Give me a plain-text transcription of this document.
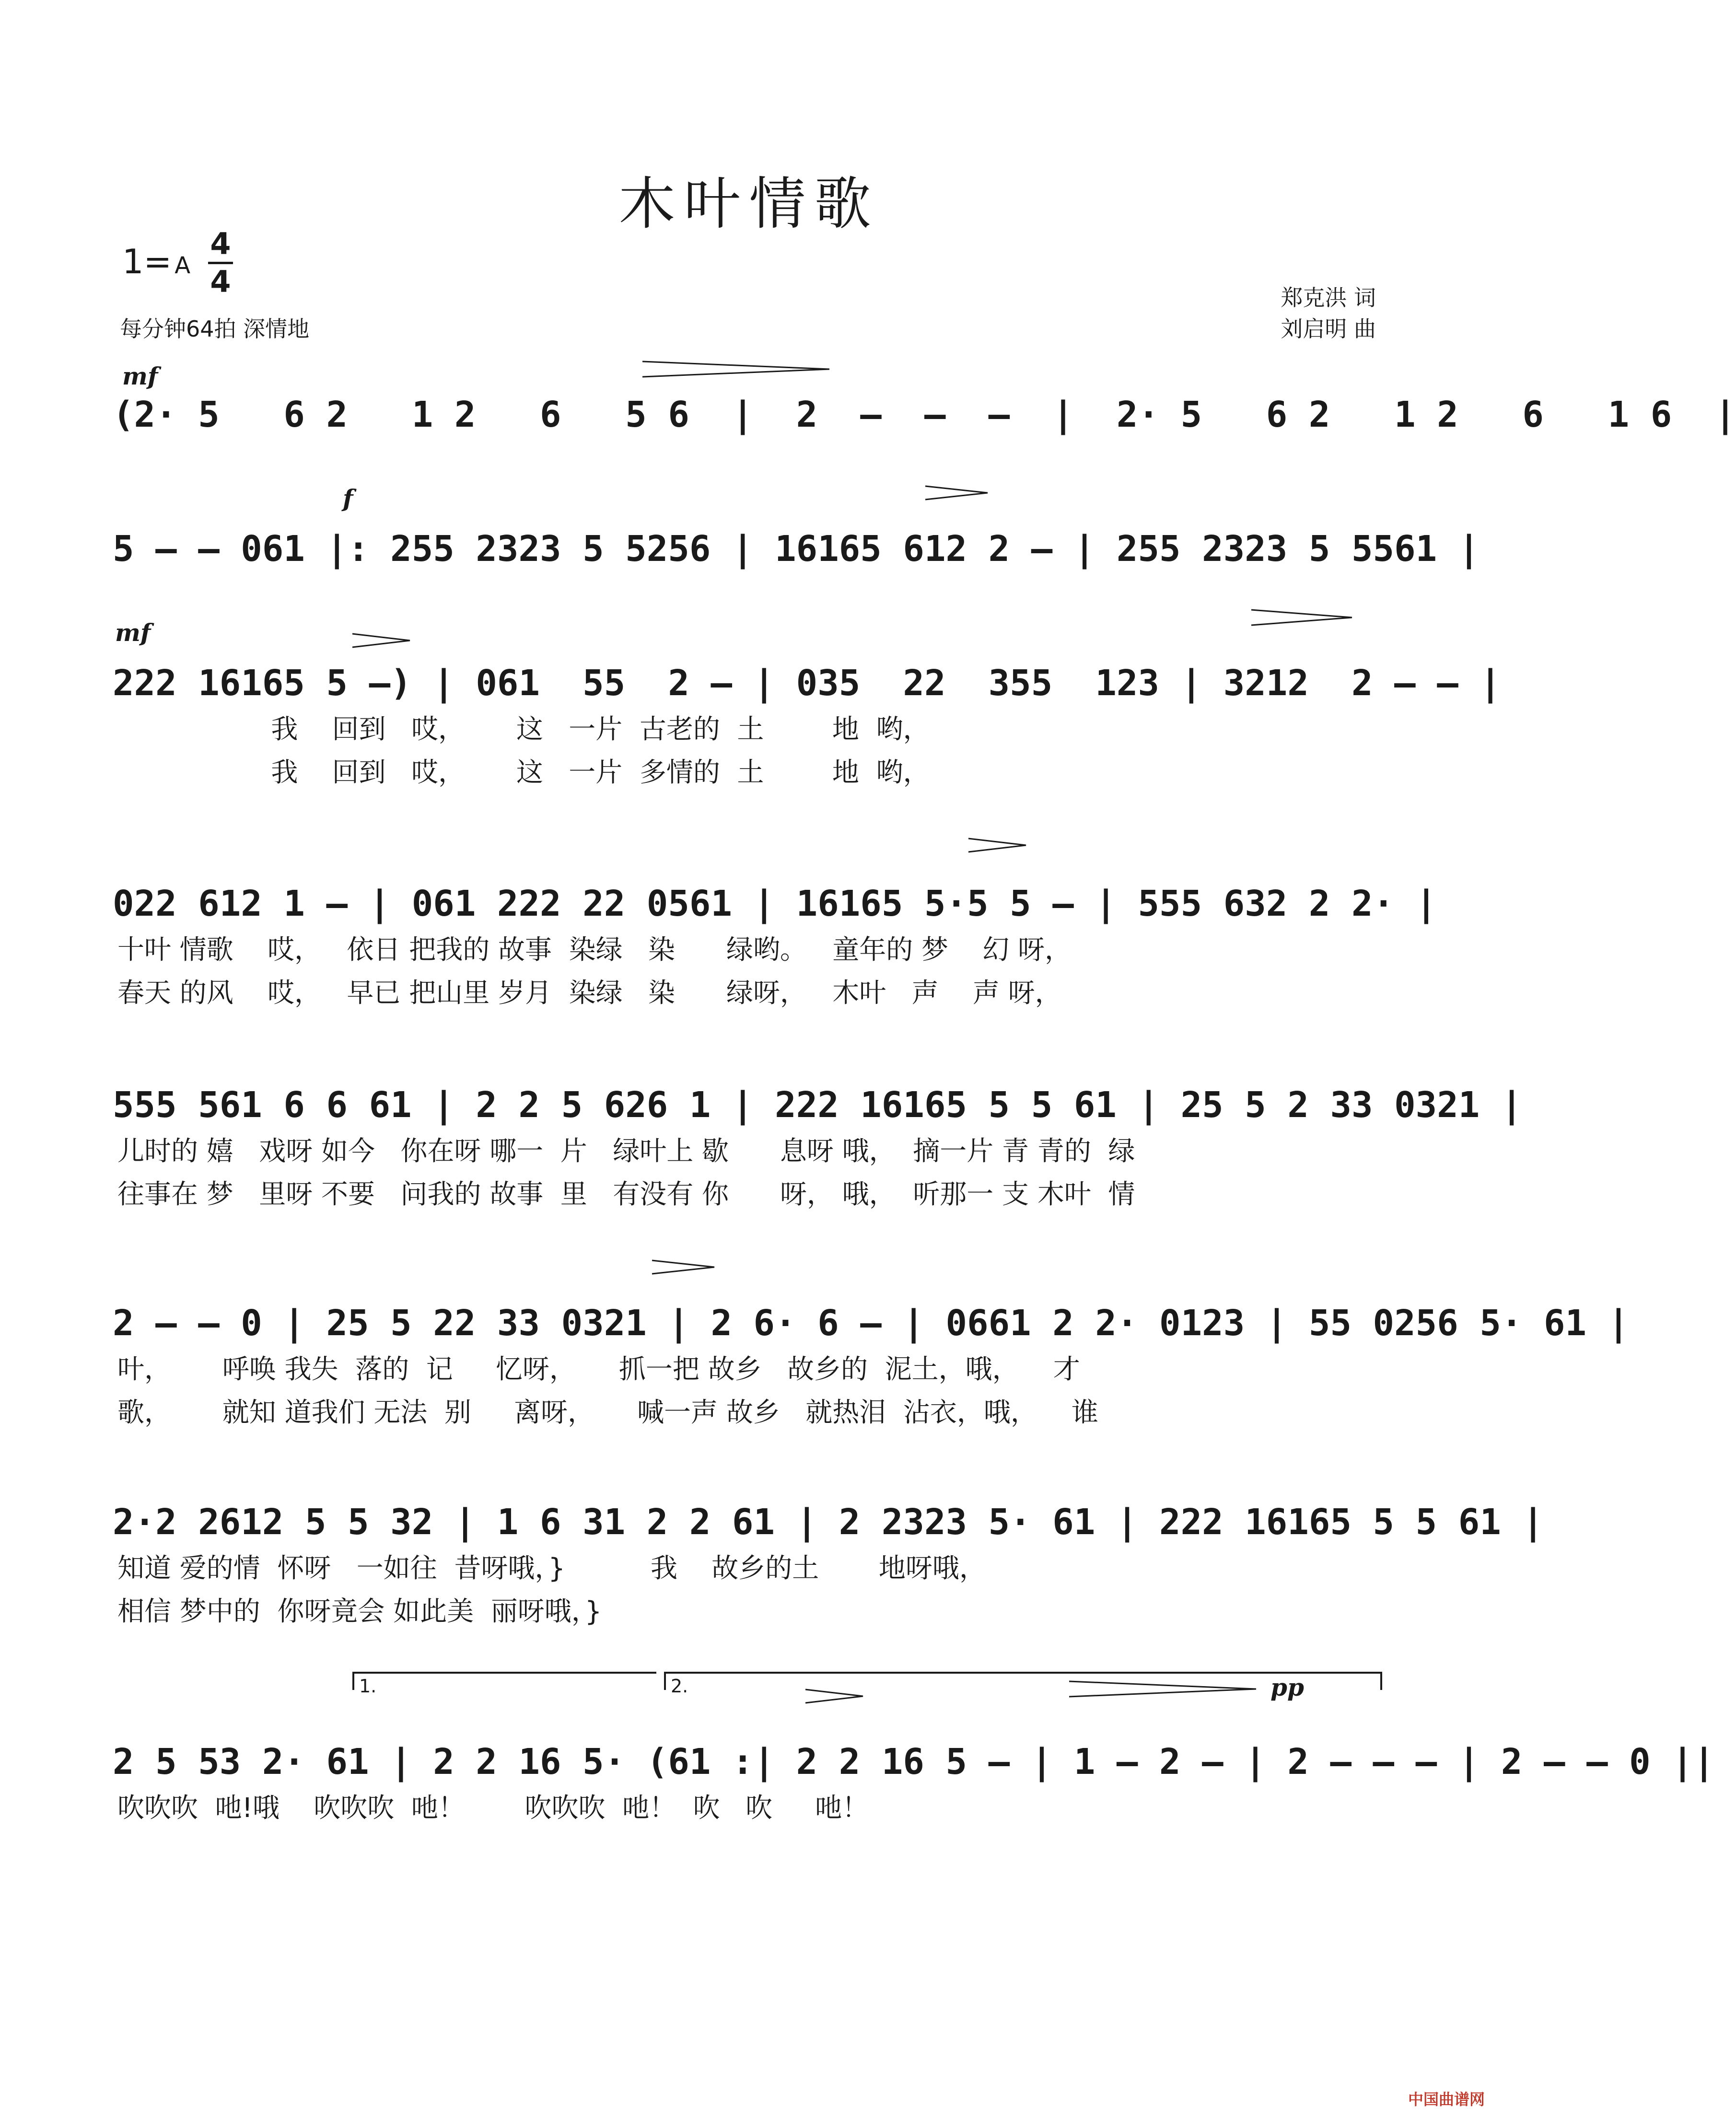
木叶情歌
1= A
4
4
每分钟64拍 深情地
郑克洪 词
刘启明 曲
mf
f
mf
pp
1.	2.
(2· 5   6 2   1 2   6   5 6  |  2  –  –  –  |  2· 5   6 2   1 2   6   1 6  |
5 – – 061 |: 255 2323 5 5256 | 16165 612 2 – | 255 2323 5 5561 |
222 16165 5 –) | 061  55  2 – | 035  22  355  123 | 3212  2 – – |
我    回到   哎，      这   一片  古老的  土        地  哟，
我    回到   哎，      这   一片  多情的  土        地  哟，
022 612 1 – | 061 222 22 0561 | 16165 5·5 5 – | 555 632 2 2· |
十叶 情歌    哎，   依日 把我的 故事  染绿   染      绿哟。   童年的 梦    幻 呀，
春天 的风    哎，   早已 把山里 岁月  染绿   染      绿呀，   木叶   声    声 呀，
555 561 6 6 61 | 2 2 5 626 1 | 222 16165 5 5 61 | 25 5 2 33 0321 |
儿时的 嬉   戏呀 如今   你在呀 哪一  片   绿叶上 歇      息呀 哦，  摘一片 青 青的  绿
往事在 梦   里呀 不要   问我的 故事  里   有没有 你      呀， 哦，  听那一 支 木叶  情
2 – – 0 | 25 5 22 33 0321 | 2 6· 6 – | 0661 2 2· 0123 | 55 0256 5· 61 |
叶，      呼唤 我失  落的  记     忆呀，     抓一把 故乡   故乡的  泥土，哦，    才
歌，      就知 道我们 无法  别     离呀，     喊一声 故乡   就热泪  沾衣，哦，    谁
2·2 2612 5 5 32 | 1 6 31 2 2 61 | 2 2323 5· 61 | 222 16165 5 5 61 |
知道 爱的情  怀呀   一如往  昔呀哦，}          我    故乡的土       地呀哦，
相信 梦中的  你呀竟会 如此美  丽呀哦，}
2 5 53 2· 61 | 2 2 16 5· (61 :| 2 2 16 5 – | 1 – 2 – | 2 – – – | 2 – – 0 ||
吹吹吹  吔!哦    吹吹吹  吔！       吹吹吹  吔！  吹   吹     吔！
中国曲谱网
